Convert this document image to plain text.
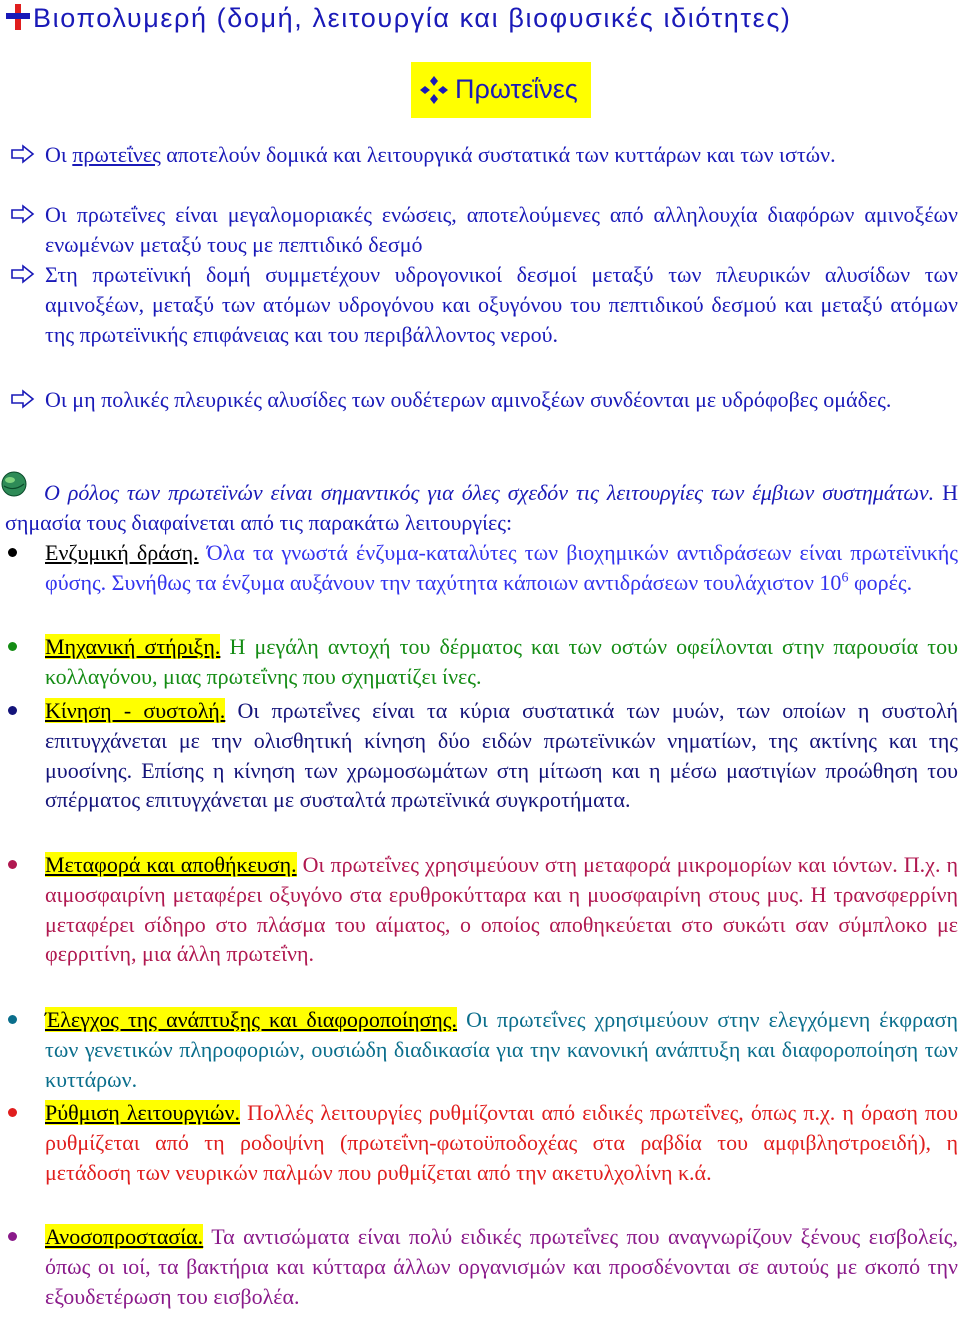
Βιοπολυμερή (δομή, λειτουργία και βιοφυσικές ιδιότητες)
Πρωτεΐνες
Οι πρωτεΐνες αποτελούν δομικά και λειτουργικά συστατικά των κυττάρων και των ιστών.
Οι πρωτεΐνες είναι μεγαλομοριακές ενώσεις, αποτελούμενες από αλληλουχία διαφόρων αμινοξέων ενωμένων μεταξύ τους με πεπτιδικό δεσμό
Στη πρωτεϊνική δομή συμμετέχουν υδρογονικοί δεσμοί μεταξύ των πλευρικών αλυσίδων των αμινοξέων, μεταξύ των ατόμων υδρογόνου και οξυγόνου του πεπτιδικού δεσμού και μεταξύ ατόμων της πρωτεϊνικής επιφάνειας και του περιβάλλοντος νερού.
Οι μη πολικές πλευρικές αλυσίδες των ουδέτερων αμινοξέων συνδέονται με υδρόφοβες ομάδες.
Ο ρόλος των πρωτεϊνών είναι σημαντικός για όλες σχεδόν τις λειτουργίες των έμβιων συστημάτων. Η σημασία τους διαφαίνεται από τις παρακάτω λειτουργίες:
Ενζυμική δράση. Όλα τα γνωστά ένζυμα-καταλύτες των βιοχημικών αντιδράσεων είναι πρωτεϊνικής φύσης. Συνήθως τα ένζυμα αυξάνουν την ταχύτητα κάποιων αντιδράσεων τουλάχιστον $10^6$ φορές.
Μηχανική στήριξη. Η μεγάλη αντοχή του δέρματος και των οστών οφείλονται στην παρουσία του κολλαγόνου, μιας πρωτεΐνης που σχηματίζει ίνες.
Κίνηση - συστολή. Οι πρωτεΐνες είναι τα κύρια συστατικά των μυών, των οποίων η συστολή επιτυγχάνεται με την ολισθητική κίνηση δύο ειδών πρωτεϊνικών νηματίων, της ακτίνης και της μυοσίνης. Επίσης η κίνηση των χρωμοσωμάτων στη μίτωση και η μέσω μαστιγίων προώθηση του σπέρματος επιτυγχάνεται με συσταλτά πρωτεϊνικά συγκροτήματα.
Μεταφορά και αποθήκευση. Οι πρωτεΐνες χρησιμεύουν στη μεταφορά μικρομορίων και ιόντων. Π.χ. η αιμοσφαιρίνη μεταφέρει οξυγόνο στα ερυθροκύτταρα και η μυοσφαιρίνη στους μυς. Η τρανσφερρίνη μεταφέρει σίδηρο στο πλάσμα του αίματος, ο οποίος αποθηκεύεται στο συκώτι σαν σύμπλοκο με φερριτίνη, μια άλλη πρωτεΐνη.
Έλεγχος της ανάπτυξης και διαφοροποίησης. Οι πρωτεΐνες χρησιμεύουν στην ελεγχόμενη έκφραση των γενετικών πληροφοριών, ουσιώδη διαδικασία για την κανονική ανάπτυξη και διαφοροποίηση των κυττάρων.
Ρύθμιση λειτουργιών. Πολλές λειτουργίες ρυθμίζονται από ειδικές πρωτεΐνες, όπως π.χ. η όραση που ρυθμίζεται από τη ροδοψίνη (πρωτεΐνη-φωτοϋποδοχέας στα ραβδία του αμφιβληστροειδή), η μετάδοση των νευρικών παλμών που ρυθμίζεται από την ακετυλχολίνη κ.ά.
Ανοσοπροστασία. Τα αντισώματα είναι πολύ ειδικές πρωτεΐνες που αναγνωρίζουν ξένους εισβολείς, όπως οι ιοί, τα βακτήρια και κύτταρα άλλων οργανισμών και προσδένονται σε αυτούς με σκοπό την εξουδετέρωση του εισβολέα.
